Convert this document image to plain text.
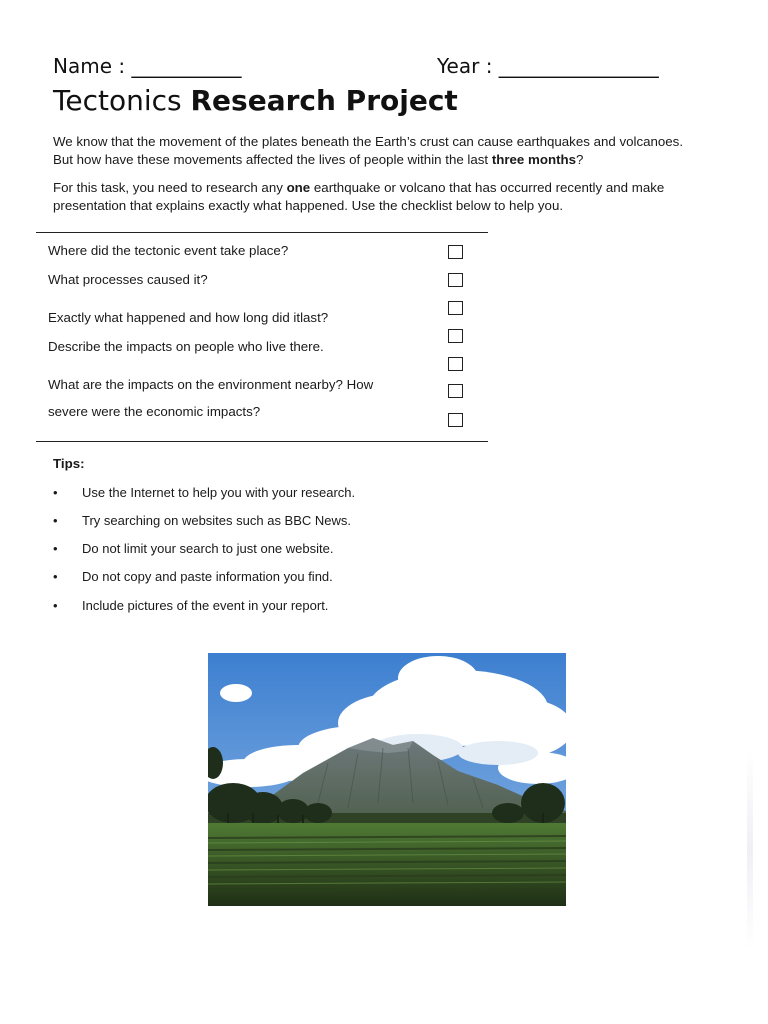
Name : ___________	Year : ________________
Tectonics Research Project
We know that the movement of the plates beneath the Earth’s crust can cause earthquakes and volcanoes. But how have these movements affected the lives of people within the last three months?
For this task, you need to research any one earthquake or volcano that has occurred recently and make presentation that explains exactly what happened. Use the checklist below to help you.
Where did the tectonic event take place?
What processes caused it?
Exactly what happened and how long did itlast?
Describe the impacts on people who live there.
What are the impacts on the environment nearby? How
severe were the economic impacts?
Tips:
• Use the Internet to help you with your research.
• Try searching on websites such as BBC News.
• Do not limit your search to just one website.
• Do not copy and paste information you find.
• Include pictures of the event in your report.
